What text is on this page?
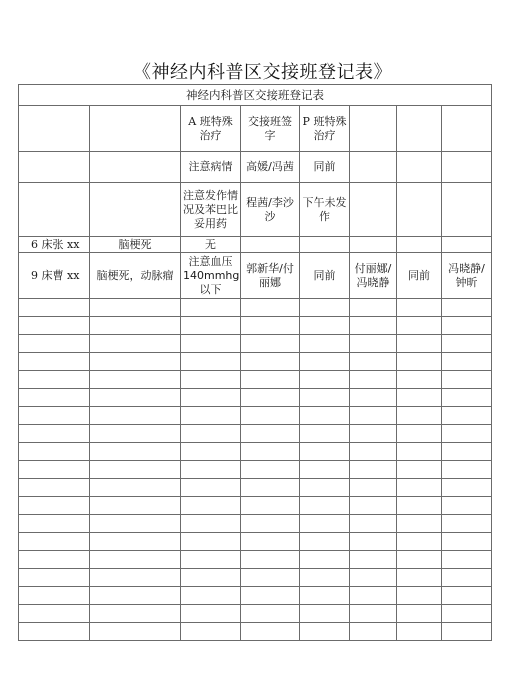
《神经内科普区交接班登记表》
神经内科普区交接班登记表							
		A 班特殊治疗	交接班签字	P 班特殊治疗			
		注意病情	高媛/冯茜	同前			
		注意发作情况及苯巴比妥用药	程茜/李沙沙	下午未发作			
6 床张 xx	脑梗死	无					
9 床曹 xx	脑梗死，动脉瘤	注意血压 140mmhg 以下	郭新华/付丽娜	同前	付丽娜/冯晓静	同前	冯晓静/钟昕
